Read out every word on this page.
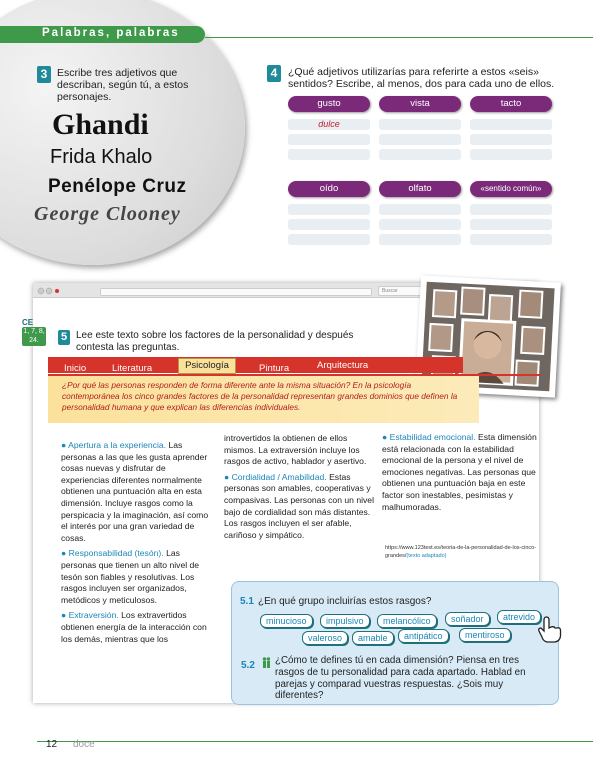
Palabras, palabras
3 Escribe tres adjetivos que describan, según tú, a estos personajes.
Ghandi
Frida Khalo
Penélope Cruz
George Clooney
4	¿Qué adjetivos utilizarías para referirte a estos «seis» sentidos? Escribe, al menos, dos para cada uno de ellos.
gusto	vista	tacto
dulce
oído	olfato	«sentido común»
Buscar
CE
1, 7, 8, 24.	5 Lee este texto sobre los factores de la personalidad y después contesta las preguntas.
Inicio	Literatura	Psicología	Pintura	Arquitectura
¿Por qué las personas responden de forma diferente ante la misma situación? En la psicología contemporánea los cinco grandes factores de la personalidad representan grandes dominios que definen la personalidad humana y que explican las diferencias individuales.

● Apertura a la experiencia. Las personas a las que les gusta aprender cosas nuevas y disfrutar de experiencias diferentes normalmente obtienen una puntuación alta en esta dimensión. Incluye rasgos como la perspicacia y la imaginación, así como el interés por una gran variedad de cosas.

● Responsabilidad (tesón). Las personas que tienen un alto nivel de tesón son fiables y resolutivas. Los rasgos incluyen ser organizados, metódicos y meticulosos.

● Extraversión. Los extravertidos obtienen energía de la interacción con los demás, mientras que los

introvertidos la obtienen de ellos mismos. La extraversión incluye los rasgos de activo, hablador y asertivo.

● Cordialidad / Amabilidad. Estas personas son amables, cooperativas y compasivas. Las personas con un nivel bajo de cordialidad son más distantes. Los rasgos incluyen el ser afable, cariñoso y simpático.

● Estabilidad emocional. Esta dimensión está relacionada con la estabilidad emocional de la persona y el nivel de emociones negativas. Las personas que obtienen una puntuación baja en este factor son inestables, pesimistas y malhumoradas.

https://www.123test.es/teoria-de-la-personalidad-de-los-cinco-grandes/(texto adaptado)
5.1 ¿En qué grupo incluirías estos rasgos?
minucioso	impulsivo	melancólico	soñador	atrevido
valeroso	amable	antipático	mentiroso
5.2 ¿Cómo te defines tú en cada dimensión? Piensa en tres rasgos de tu personalidad para cada apartado. Hablad en parejas y comparad vuestras respuestas. ¿Sois muy diferentes?
12 doce
